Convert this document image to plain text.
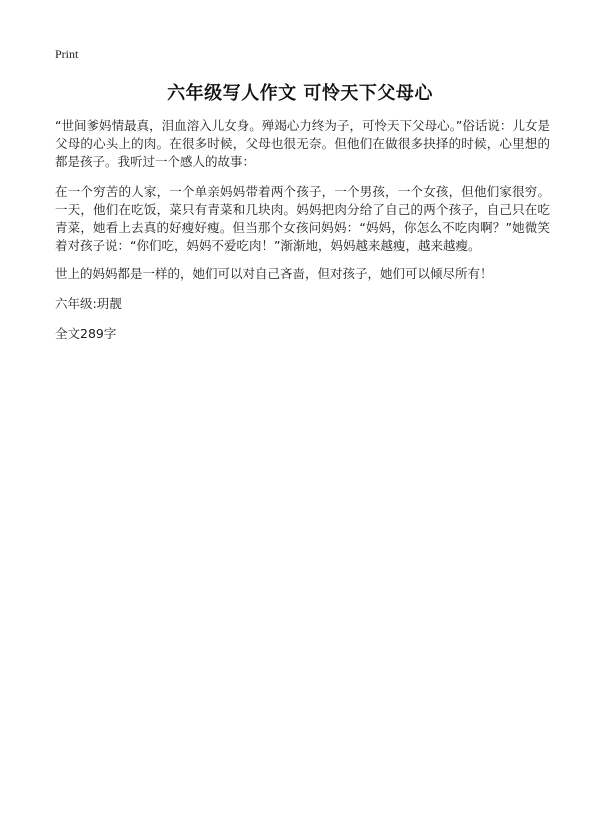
Print
六年级写人作文 可怜天下父母心

“世间爹妈情最真，泪血溶入儿女身。殚竭心力终为子，可怜天下父母心。”俗话说：儿女是父母的心头上的肉。在很多时候，父母也很无奈。但他们在做很多抉择的时候，心里想的都是孩子。我听过一个感人的故事：

在一个穷苦的人家，一个单亲妈妈带着两个孩子，一个男孩，一个女孩，但他们家很穷。一天，他们在吃饭，菜只有青菜和几块肉。妈妈把肉分给了自己的两个孩子，自己只在吃青菜，她看上去真的好瘦好瘦。但当那个女孩问妈妈：“妈妈，你怎么不吃肉啊？”她微笑着对孩子说：“你们吃，妈妈不爱吃肉！”渐渐地，妈妈越来越瘦，越来越瘦。

世上的妈妈都是一样的，她们可以对自己吝啬，但对孩子，她们可以倾尽所有！

六年级:玥靓

全文289字
